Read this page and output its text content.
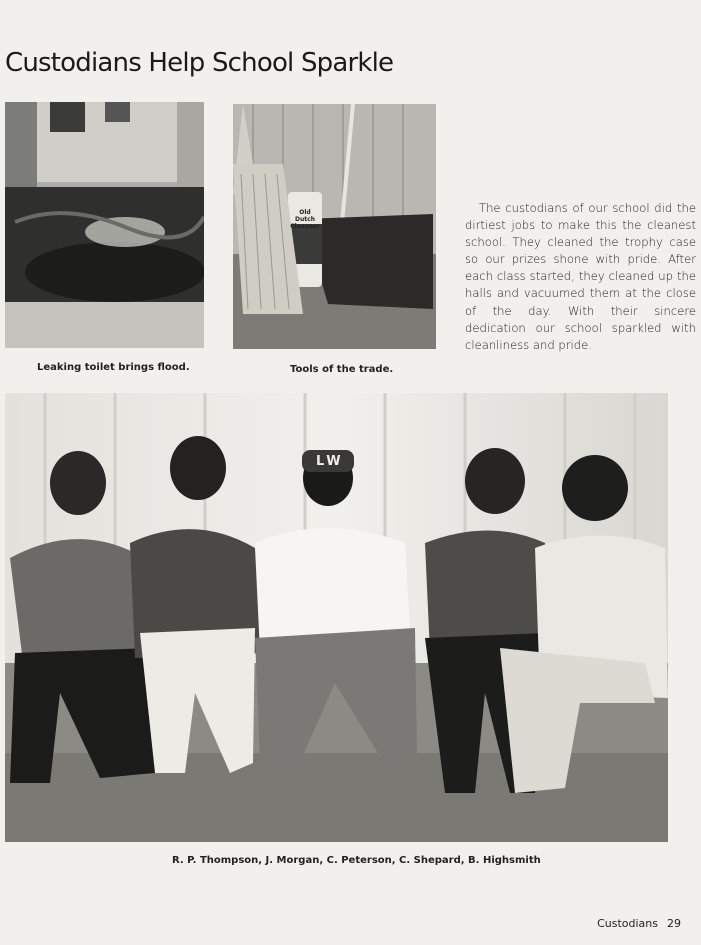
Custodians Help School Sparkle
Leaking toilet brings flood.
Old Dutch Cleanser
Tools of the trade.
The custodians of our school did the dirtiest jobs to make this the cleanest school. They cleaned the trophy case so our prizes shone with pride. After each class started, they cleaned up the halls and vacuumed them at the close of the day. With their sincere dedication our school sparkled with cleanliness and pride.
LW
R. P. Thompson, J. Morgan, C. Peterson, C. Shepard, B. Highsmith
Custodians 29
